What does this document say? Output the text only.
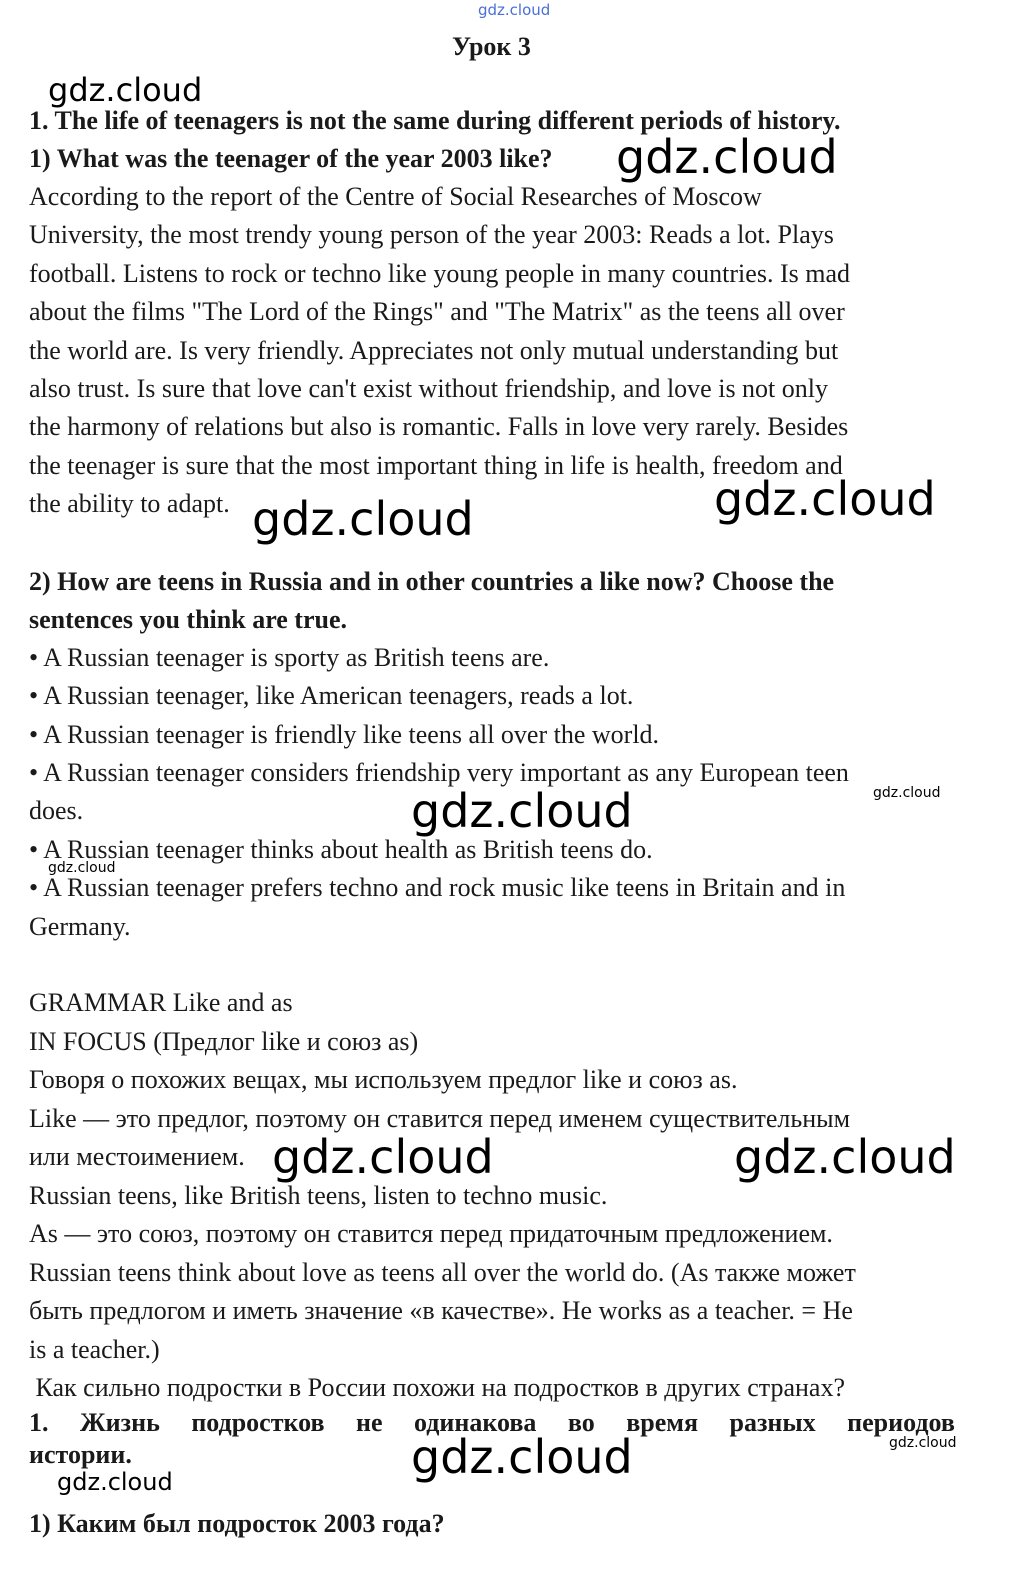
gdz.cloud

Урок 3

gdz.cloud

1. The life of teenagers is not the same during different periods of history.

1) What was the teenager of the year 2003 like? gdz.cloud

According to the report of the Centre of Social Researches of Moscow

University, the most trendy young person of the year 2003: Reads a lot. Plays

football. Listens to rock or techno like young people in many countries. Is mad

about the films "The Lord of the Rings" and "The Matrix" as the teens all over

the world are. Is very friendly. Appreciates not only mutual understanding but

also trust. Is sure that love can't exist without friendship, and love is not only

the harmony of relations but also is romantic. Falls in love very rarely. Besides

the teenager is sure that the most important thing in life is health, freedom and

the ability to adapt.	gdz.cloud
gdz.cloud

2) How are teens in Russia and in other countries a like now? Choose the

sentences you think are true.

• A Russian teenager is sporty as British teens are.

• A Russian teenager, like American teenagers, reads a lot.

• A Russian teenager is friendly like teens all over the world.

• A Russian teenager considers friendship very important as any European teen

does.

gdz.cloud
gdz.cloud

• A Russian teenager thinks about health as British teens do.

gdz.cloud

• A Russian teenager prefers techno and rock music like teens in Britain and in

Germany.

GRAMMAR Like and as

IN FOCUS (Предлог like и союз as)

Говоря о похожих вещах, мы используем предлог like и союз as.

Like — это предлог, поэтому он ставится перед именем существительным

или местоимением. gdz.cloud	gdz.cloud

Russian teens, like British teens, listen to techno music.

As — это союз, поэтому он ставится перед придаточным предложением.

Russian teens think about love as teens all over the world do. (As также может

быть предлогом и иметь значение «в качестве». He works as a teacher. = He

is a teacher.)

Как сильно подростки в России похожи на подростков в других странах?

1. Жизнь подростков не одинакова во время разных периодов

истории.	gdz.cloud
gdz.cloud
gdz.cloud

1) Каким был подросток 2003 года?
